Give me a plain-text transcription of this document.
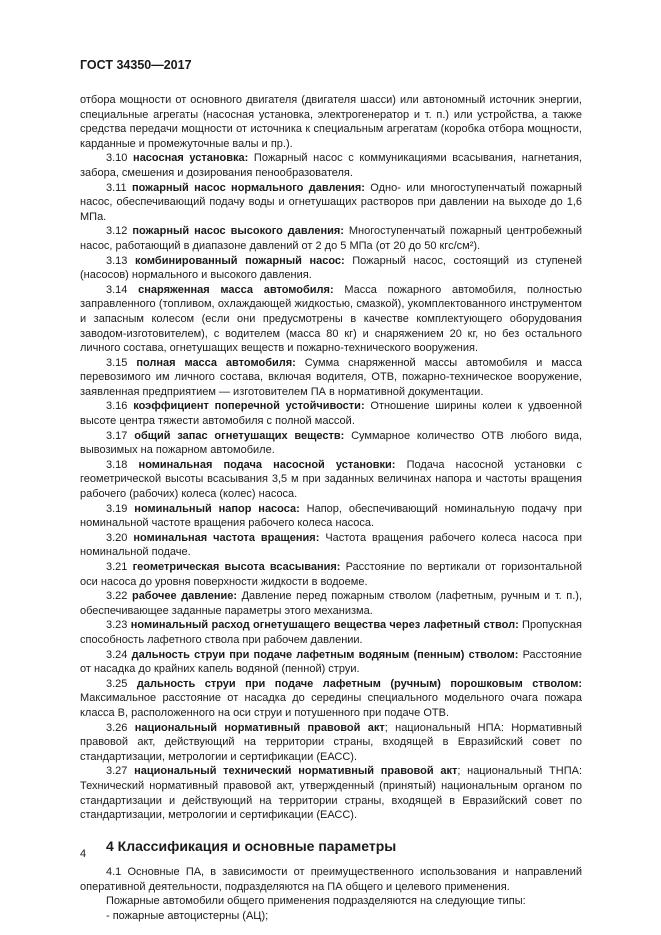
ГОСТ 34350—2017

отбора мощности от основного двигателя (двигателя шасси) или автономный источник энергии, специальные агрегаты (насосная установка, электрогенератор и т. п.) или устройства, а также средства передачи мощности от источника к специальным агрегатам (коробка отбора мощности, карданные и промежуточные валы и пр.).

3.10 насосная установка: Пожарный насос с коммуникациями всасывания, нагнетания, забора, смешения и дозирования пенообразователя.

3.11 пожарный насос нормального давления: Одно- или многоступенчатый пожарный насос, обеспечивающий подачу воды и огнетушащих растворов при давлении на выходе до 1,6 МПа.

3.12 пожарный насос высокого давления: Многоступенчатый пожарный центробежный насос, работающий в диапазоне давлений от 2 до 5 МПа (от 20 до 50 кгс/см²).

3.13 комбинированный пожарный насос: Пожарный насос, состоящий из ступеней (насосов) нормального и высокого давления.

3.14 снаряженная масса автомобиля: Масса пожарного автомобиля, полностью заправленного (топливом, охлаждающей жидкостью, смазкой), укомплектованного инструментом и запасным колесом (если они предусмотрены в качестве комплектующего оборудования заводом-изготовителем), с водителем (масса 80 кг) и снаряжением 20 кг, но без остального личного состава, огнетушащих веществ и пожарно-технического вооружения.

3.15 полная масса автомобиля: Сумма снаряженной массы автомобиля и масса перевозимого им личного состава, включая водителя, ОТВ, пожарно-техническое вооружение, заявленная предприятием — изготовителем ПА в нормативной документации.

3.16 коэффициент поперечной устойчивости: Отношение ширины колеи к удвоенной высоте центра тяжести автомобиля с полной массой.

3.17 общий запас огнетушащих веществ: Суммарное количество ОТВ любого вида, вывозимых на пожарном автомобиле.

3.18 номинальная подача насосной установки: Подача насосной установки с геометрической высоты всасывания 3,5 м при заданных величинах напора и частоты вращения рабочего (рабочих) колеса (колес) насоса.

3.19 номинальный напор насоса: Напор, обеспечивающий номинальную подачу при номинальной частоте вращения рабочего колеса насоса.

3.20 номинальная частота вращения: Частота вращения рабочего колеса насоса при номинальной подаче.

3.21 геометрическая высота всасывания: Расстояние по вертикали от горизонтальной оси насоса до уровня поверхности жидкости в водоеме.

3.22 рабочее давление: Давление перед пожарным стволом (лафетным, ручным и т. п.), обеспечивающее заданные параметры этого механизма.

3.23 номинальный расход огнетушащего вещества через лафетный ствол: Пропускная способность лафетного ствола при рабочем давлении.

3.24 дальность струи при подаче лафетным водяным (пенным) стволом: Расстояние от насадка до крайних капель водяной (пенной) струи.

3.25 дальность струи при подаче лафетным (ручным) порошковым стволом: Максимальное расстояние от насадка до середины специального модельного очага пожара класса В, расположенного на оси струи и потушенного при подаче ОТВ.

3.26 национальный нормативный правовой акт; национальный НПА: Нормативный правовой акт, действующий на территории страны, входящей в Евразийский совет по стандартизации, метрологии и сертификации (ЕАСС).

3.27 национальный технический нормативный правовой акт; национальный ТНПА: Технический нормативный правовой акт, утвержденный (принятый) национальным органом по стандартизации и действующий на территории страны, входящей в Евразийский совет по стандартизации, метрологии и сертификации (ЕАСС).

4 Классификация и основные параметры

4.1 Основные ПА, в зависимости от преимущественного использования и направлений оперативной деятельности, подразделяются на ПА общего и целевого применения.

Пожарные автомобили общего применения подразделяются на следующие типы:

- пожарные автоцистерны (АЦ);

4
